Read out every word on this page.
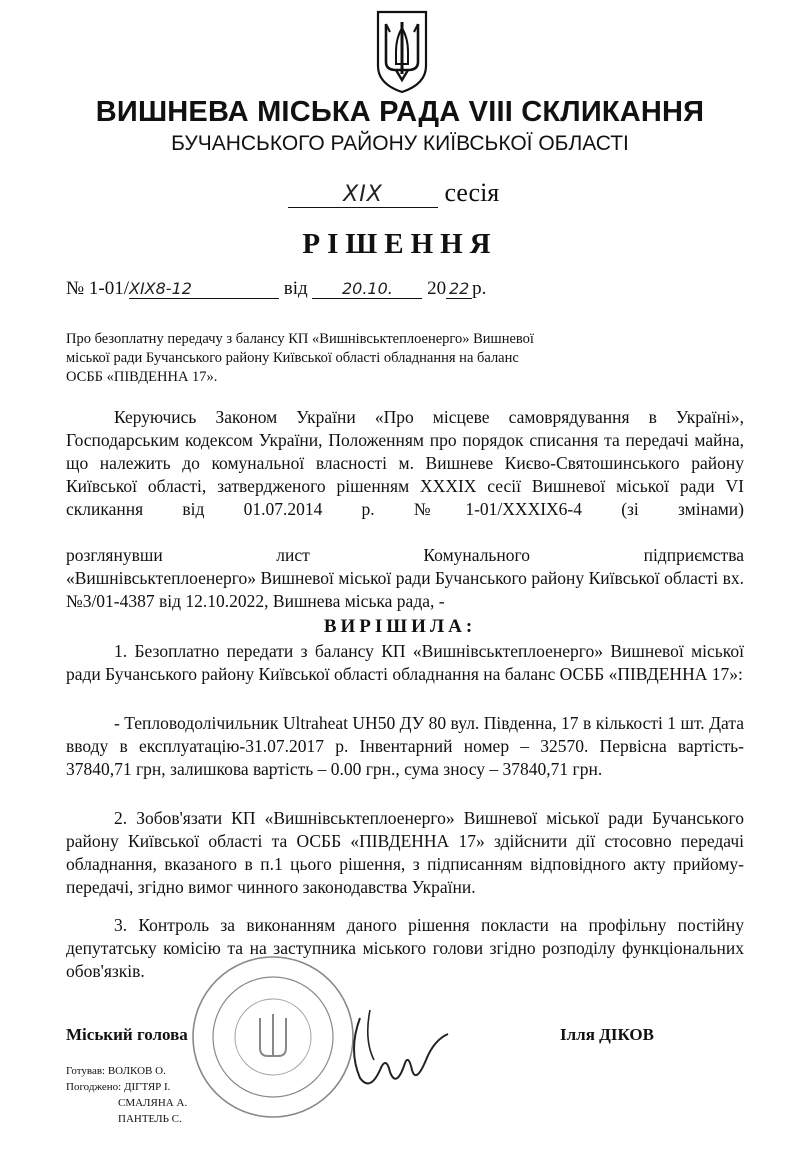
ВИШНЕВА МІСЬКА РАДА VIII СКЛИКАННЯ
БУЧАНСЬКОГО РАЙОНУ КИЇВСЬКОЇ ОБЛАСТІ
XIX сесія
РІШЕННЯ
№ 1-01/XIX8-12	від 20.10. 20 22 р.
Про безоплатну передачу з балансу КП «Вишнівськтеплоенерго» Вишневої міської ради Бучанського району Київської області обладнання на баланс ОСББ «ПІВДЕННА 17».
Керуючись Законом України «Про місцеве самоврядування в Україні», Господарським кодексом України, Положенням про порядок списання та передачі майна, що належить до комунальної власності м. Вишневе Києво-Святошинського району Київської області, затвердженого рішенням XXXIX сесії Вишневої міської ради VI скликання від 01.07.2014 р. №1-01/XXXIX6-4 (зі змінами)
розглянувши лист Комунального підприємства
«Вишнівськтеплоенерго» Вишневої міської ради Бучанського району Київської області вх. №3/01-4387 від 12.10.2022, Вишнева міська рада, -
ВИРІШИЛА:
1. Безоплатно передати з балансу КП «Вишнівськтеплоенерго» Вишневої міської ради Бучанського району Київської області обладнання на баланс ОСББ «ПІВДЕННА 17»:
- Тепловодолічильник Ultraheat UH50 ДУ 80 вул. Південна, 17 в кількості 1 шт. Дата вводу в експлуатацію-31.07.2017 р. Інвентарний номер – 32570. Первісна вартість- 37840,71 грн, залишкова вартість – 0.00 грн., сума зносу – 37840,71 грн.
2. Зобов'язати КП «Вишнівськтеплоенерго» Вишневої міської ради Бучанського району Київської області та ОСББ «ПІВДЕННА 17» здійснити дії стосовно передачі обладнання, вказаного в п.1 цього рішення, з підписанням відповідного акту прийому-передачі, згідно вимог чинного законодавства України.
3. Контроль за виконанням даного рішення покласти на профільну постійну депутатську комісію та на заступника міського голови згідно розподілу функціональних обов'язків.
Міський голова	Ілля ДІКОВ
Готував: ВОЛКОВ О.
Погоджено: ДІГТЯР І.
СМАЛЯНА А.
ПАНТЕЛЬ С.
